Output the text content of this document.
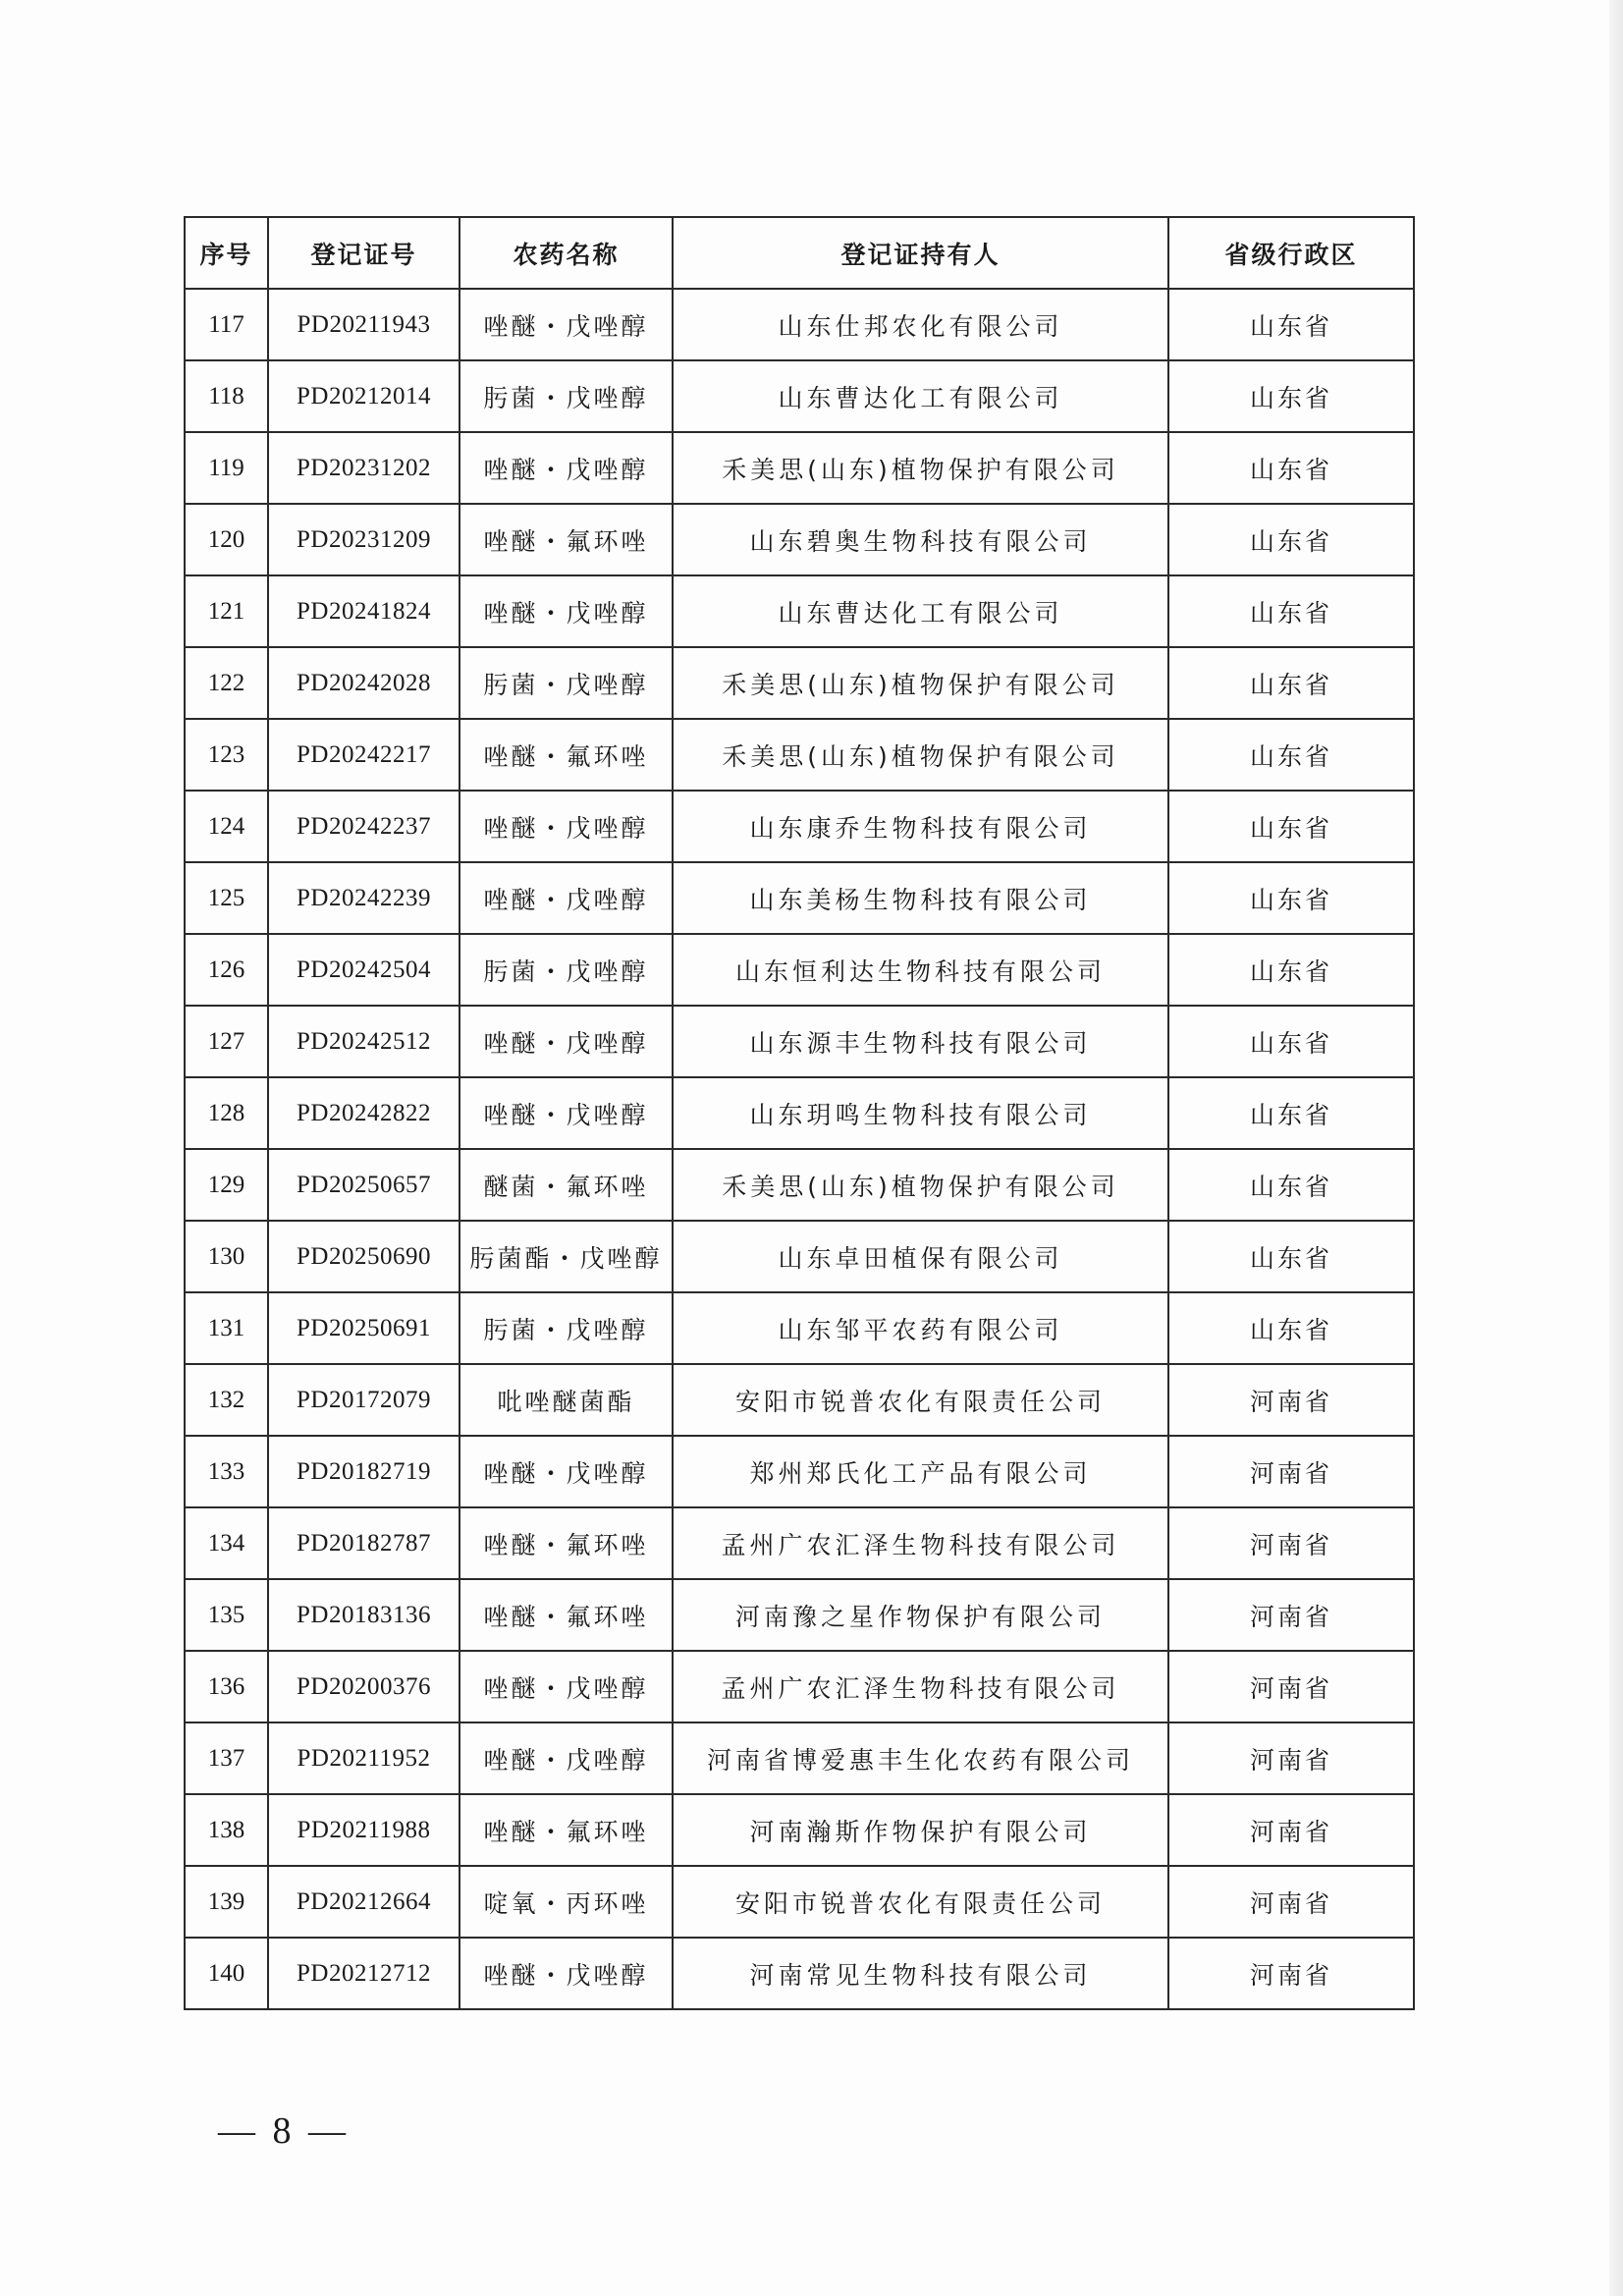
序号	登记证号	农药名称	登记证持有人	省级行政区
117	PD20211943	唑醚・戊唑醇	山东仕邦农化有限公司	山东省
118	PD20212014	肟菌・戊唑醇	山东曹达化工有限公司	山东省
119	PD20231202	唑醚・戊唑醇	禾美思(山东)植物保护有限公司	山东省
120	PD20231209	唑醚・氟环唑	山东碧奥生物科技有限公司	山东省
121	PD20241824	唑醚・戊唑醇	山东曹达化工有限公司	山东省
122	PD20242028	肟菌・戊唑醇	禾美思(山东)植物保护有限公司	山东省
123	PD20242217	唑醚・氟环唑	禾美思(山东)植物保护有限公司	山东省
124	PD20242237	唑醚・戊唑醇	山东康乔生物科技有限公司	山东省
125	PD20242239	唑醚・戊唑醇	山东美杨生物科技有限公司	山东省
126	PD20242504	肟菌・戊唑醇	山东恒利达生物科技有限公司	山东省
127	PD20242512	唑醚・戊唑醇	山东源丰生物科技有限公司	山东省
128	PD20242822	唑醚・戊唑醇	山东玥鸣生物科技有限公司	山东省
129	PD20250657	醚菌・氟环唑	禾美思(山东)植物保护有限公司	山东省
130	PD20250690	肟菌酯・戊唑醇	山东卓田植保有限公司	山东省
131	PD20250691	肟菌・戊唑醇	山东邹平农药有限公司	山东省
132	PD20172079	吡唑醚菌酯	安阳市锐普农化有限责任公司	河南省
133	PD20182719	唑醚・戊唑醇	郑州郑氏化工产品有限公司	河南省
134	PD20182787	唑醚・氟环唑	孟州广农汇泽生物科技有限公司	河南省
135	PD20183136	唑醚・氟环唑	河南豫之星作物保护有限公司	河南省
136	PD20200376	唑醚・戊唑醇	孟州广农汇泽生物科技有限公司	河南省
137	PD20211952	唑醚・戊唑醇	河南省博爱惠丰生化农药有限公司	河南省
138	PD20211988	唑醚・氟环唑	河南瀚斯作物保护有限公司	河南省
139	PD20212664	啶氧・丙环唑	安阳市锐普农化有限责任公司	河南省
140	PD20212712	唑醚・戊唑醇	河南常见生物科技有限公司	河南省
— 8 —
